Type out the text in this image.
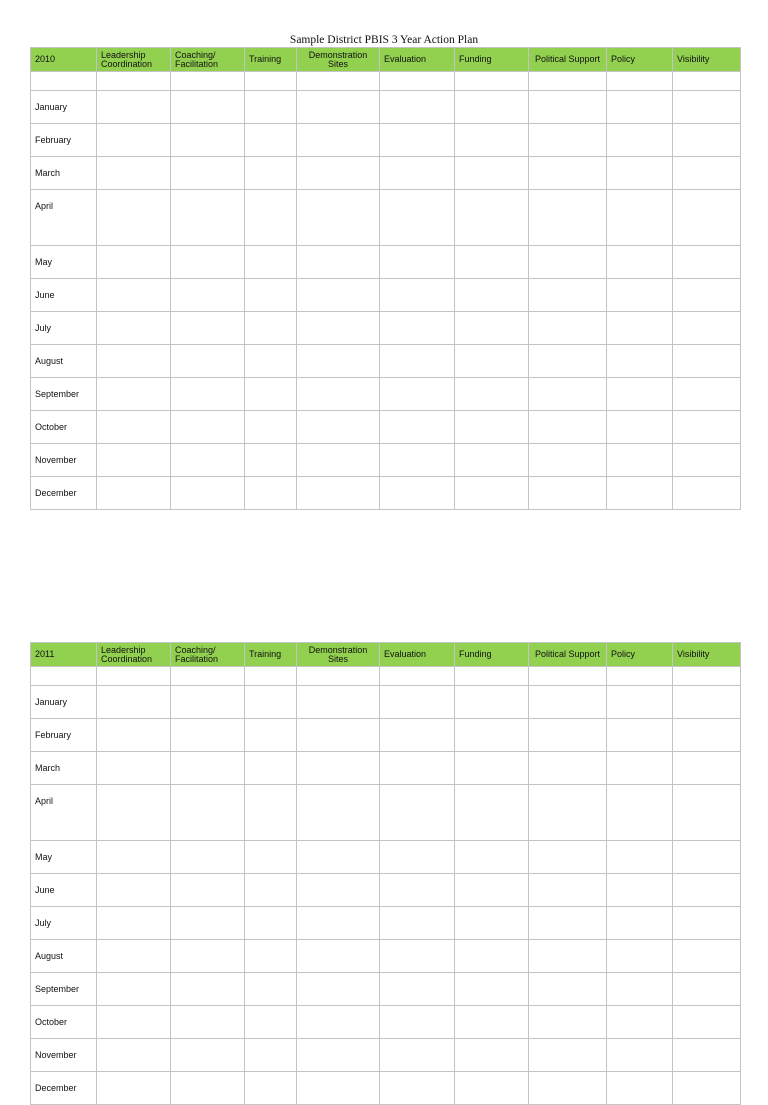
Sample District PBIS 3 Year Action Plan
2010	Leadership Coordination	Coaching/ Facilitation	Training	Demonstration Sites	Evaluation	Funding	Political Support	Policy	Visibility

January									
February									
March									
April									
May									
June									
July									
August									
September									
October									
November									
December									
2011	Leadership Coordination	Coaching/ Facilitation	Training	Demonstration Sites	Evaluation	Funding	Political Support	Policy	Visibility

January									
February									
March									
April									
May									
June									
July									
August									
September									
October									
November									
December									
